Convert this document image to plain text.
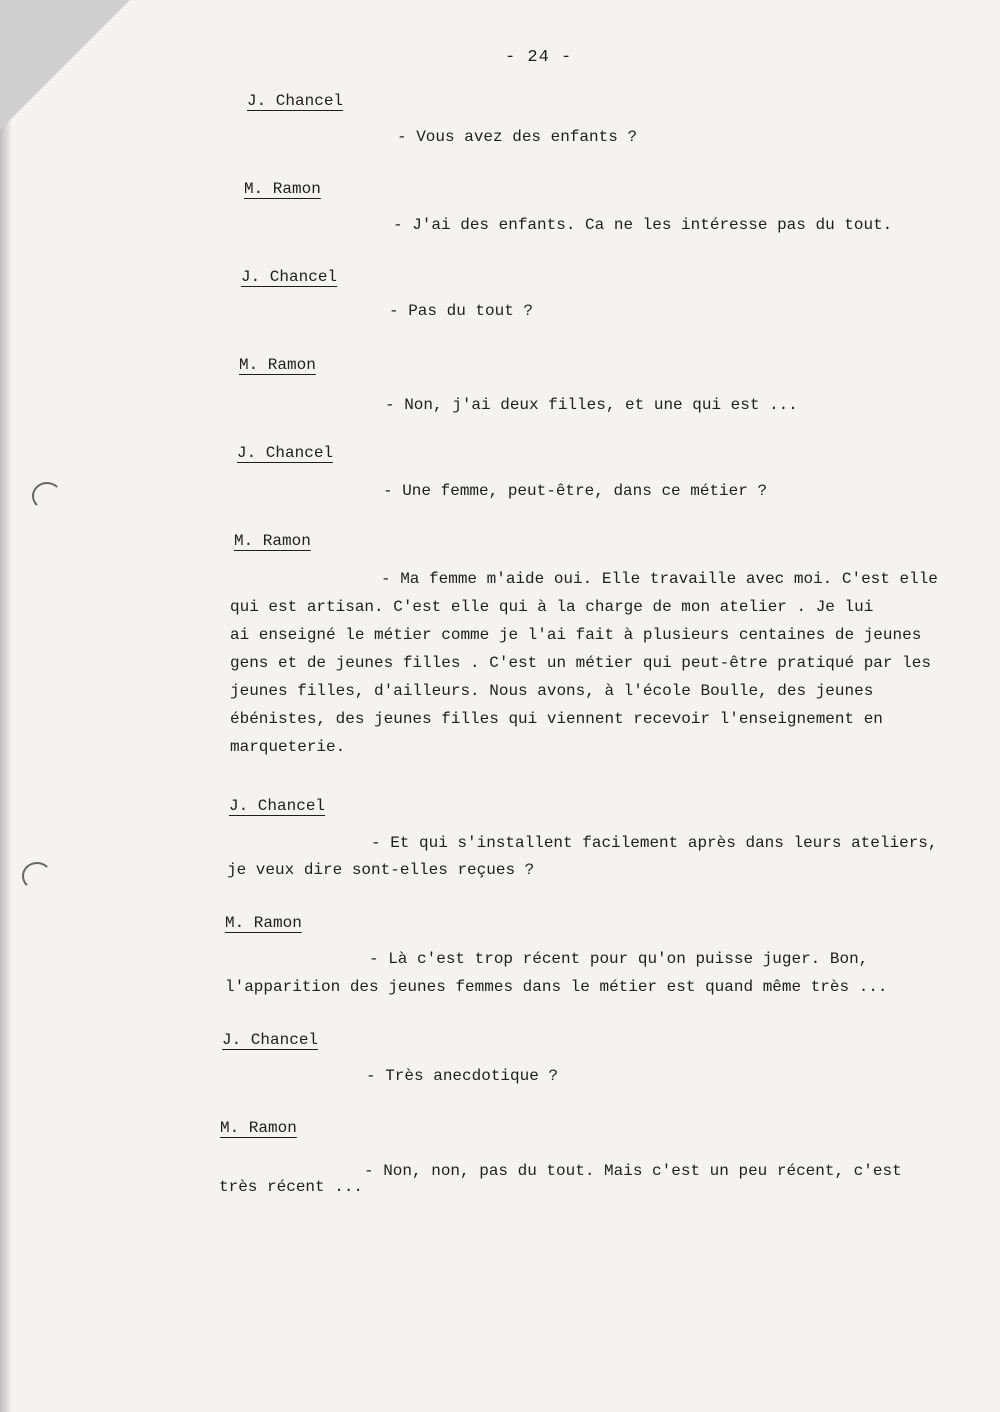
- 24 -
J. Chancel
- Vous avez des enfants ?
M. Ramon
- J'ai des enfants. Ca ne les intéresse pas du tout.
J. Chancel
- Pas du tout ?
M. Ramon
- Non, j'ai deux filles, et une qui est ...
J. Chancel
- Une femme, peut-être, dans ce métier ?
M. Ramon
- Ma femme m'aide oui. Elle travaille avec moi. C'est elle
qui est artisan. C'est elle qui à la charge de mon atelier . Je lui
ai enseigné le métier comme je l'ai fait à plusieurs centaines de jeunes
gens et de jeunes filles . C'est un métier qui peut-être pratiqué par les
jeunes filles, d'ailleurs. Nous avons, à l'école Boulle, des jeunes
ébénistes, des jeunes filles qui viennent recevoir l'enseignement en
marqueterie.
J. Chancel
- Et qui s'installent facilement après dans leurs ateliers,
je veux dire sont-elles reçues ?
M. Ramon
- Là c'est trop récent pour qu'on puisse juger. Bon,
l'apparition des jeunes femmes dans le métier est quand même très ...
J. Chancel
- Très anecdotique ?
M. Ramon
- Non, non, pas du tout. Mais c'est un peu récent, c'est
très récent ...
